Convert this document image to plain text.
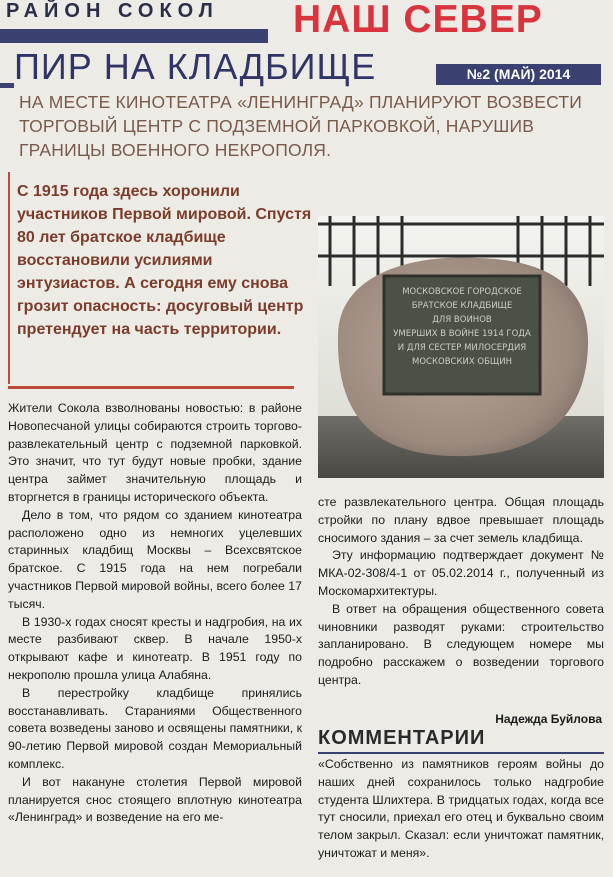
РАЙОН СОКОЛ НАШ СЕВЕР
ПИР НА КЛАДБИЩЕ	№2 (МАЙ) 2014
НА МЕСТЕ КИНОТЕАТРА «ЛЕНИНГРАД» ПЛАНИРУЮТ ВОЗВЕСТИ ТОРГОВЫЙ ЦЕНТР С ПОДЗЕМНОЙ ПАРКОВКОЙ, НАРУШИВ ГРАНИЦЫ ВОЕННОГО НЕКРОПОЛЯ.
С 1915 года здесь хоронили участников Первой мировой. Спустя 80 лет братское кладбище восстановили усилиями энтузиастов. А сегодня ему снова грозит опасность: досуговый центр претендует на часть территории.
МОСКОВСКОЕ ГОРОДСКОЕ
БРАТСКОЕ КЛАДБИЩЕ
ДЛЯ ВОИНОВ
УМЕРШИХ В ВОЙНЕ 1914 ГОДА
И ДЛЯ СЕСТЕР МИЛОСЕРДИЯ
МОСКОВСКИХ ОБЩИН

Жители Сокола взволнованы новостью: в районе Новопесчаной улицы собираются строить торгово-развлекательный центр с подземной парковкой. Это значит, что тут будут новые пробки, здание центра займет значительную площадь и вторгнется в границы исторического объекта.

Дело в том, что рядом со зданием кинотеатра расположено одно из немногих уцелевших старинных кладбищ Москвы – Всехсвятское братское. С 1915 года на нем погребали участников Первой мировой войны, всего более 17 тысяч.

В 1930-х годах сносят кресты и надгробия, на их месте разбивают сквер. В начале 1950-х открывают кафе и кинотеатр. В 1951 году по некрополю прошла улица Алабяна.

В перестройку кладбище принялись восстанавливать. Стараниями Общественного совета возведены заново и освящены памятники, к 90-летию Первой мировой создан Мемориальный комплекс.

И вот накануне столетия Первой мировой планируется снос стоящего вплотную кинотеатра «Ленинград» и возведение на его ме-

сте развлекательного центра. Общая площадь стройки по плану вдвое превышает площадь сносимого здания – за счет земель кладбища.

Эту информацию подтверждает документ № МКА-02-308/4-1 от 05.02.2014 г., полученный из Москомархитектуры.

В ответ на обращения общественного совета чиновники разводят руками: строительство запланировано. В следующем номере мы подробно расскажем о возведении торгового центра.

Надежда Буйлова
КОММЕНТАРИИ

«Собственно из памятников героям войны до наших дней сохранилось только надгробие студента Шлихтера. В тридцатых годах, когда все тут сносили, приехал его отец и буквально своим телом закрыл. Сказал: если уничтожат памятник, уничтожат и меня».
